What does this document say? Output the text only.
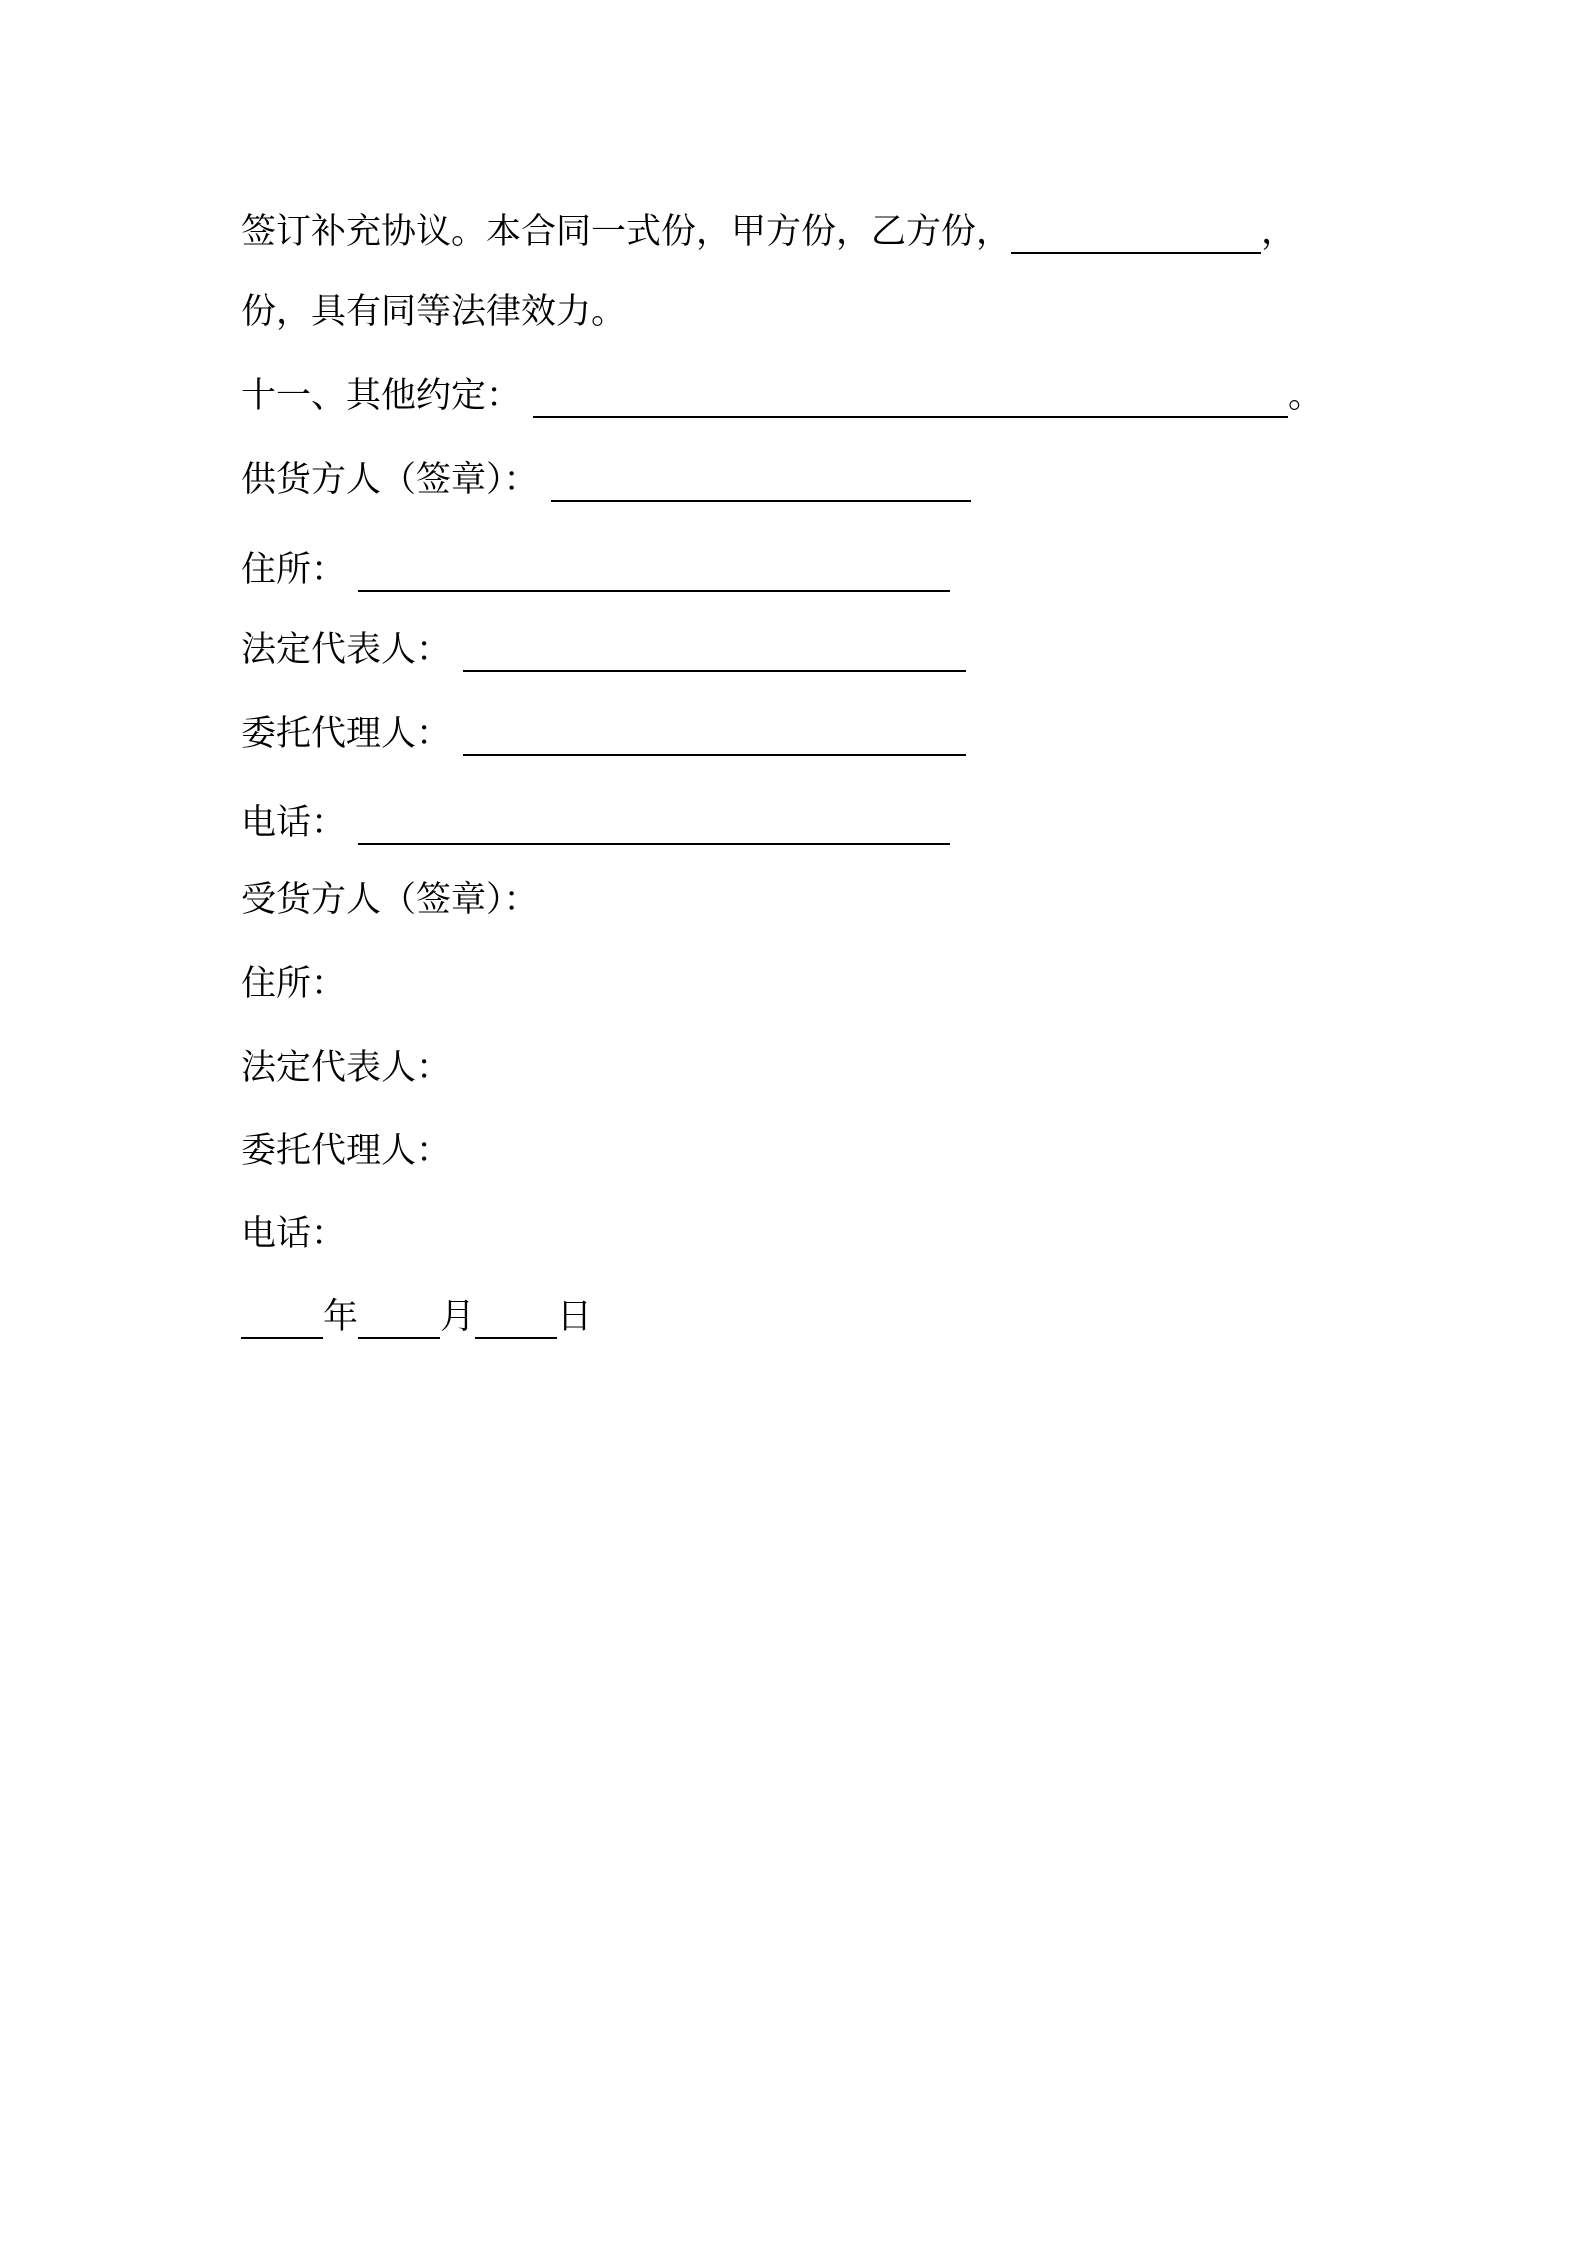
签订补充协议。本合同一式份，甲方份，乙方份，	，
份，具有同等法律效力。
十一、其他约定：	。
供货方人（签章）：
住所：
法定代表人：
委托代理人：
电话：
受货方人（签章）：
住所：
法定代表人：
委托代理人：
电话：
年 月 日
